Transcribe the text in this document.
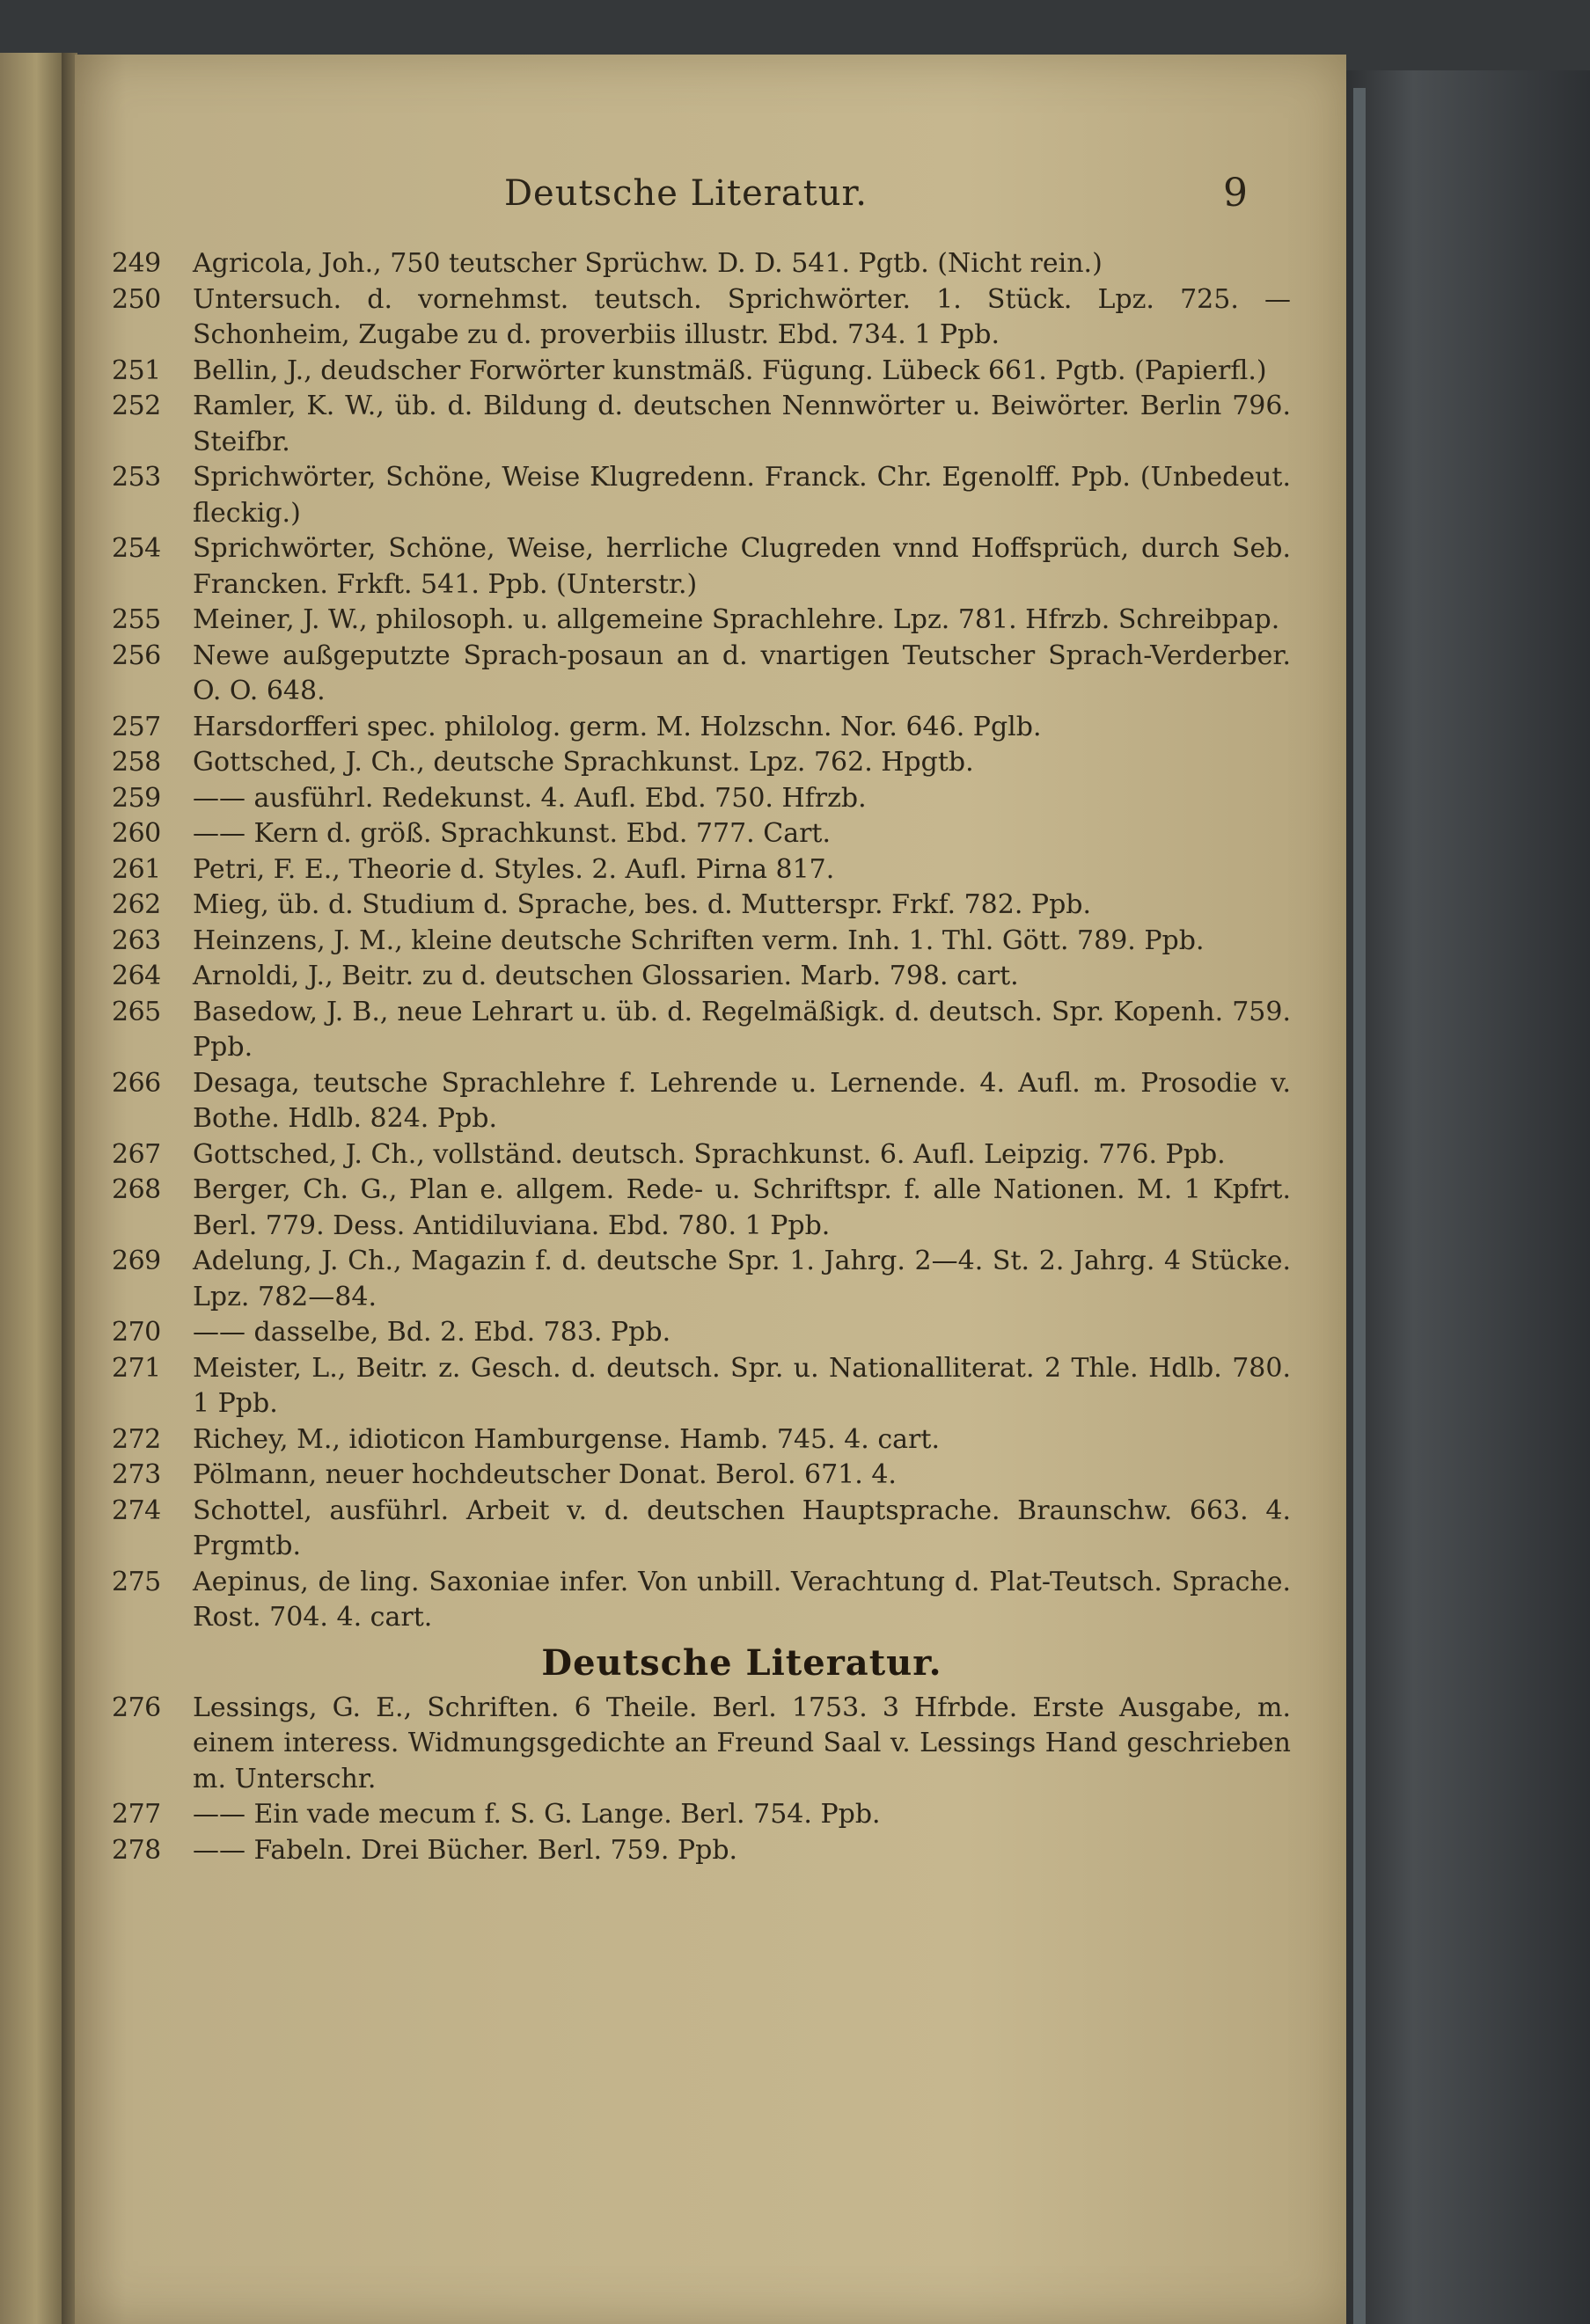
Deutsche Literatur.	9
249	Agricola, Joh., 750 teutscher Sprüchw. D. D. 541. Pgtb. (Nicht rein.)
250	Untersuch. d. vornehmst. teutsch. Sprichwörter. 1. Stück. Lpz. 725. — Schonheim, Zugabe zu d. proverbiis illustr. Ebd. 734. 1 Ppb.
251	Bellin, J., deudscher Forwörter kunstmäß. Fügung. Lübeck 661. Pgtb. (Papierfl.)
252	Ramler, K. W., üb. d. Bildung d. deutschen Nennwörter u. Beiwörter. Berlin 796. Steifbr.
253	Sprichwörter, Schöne, Weise Klugredenn. Franck. Chr. Egenolff. Ppb. (Unbedeut. fleckig.)
254	Sprichwörter, Schöne, Weise, herrliche Clugreden vnnd Hoffsprüch, durch Seb. Francken. Frkft. 541. Ppb. (Unterstr.)
255	Meiner, J. W., philosoph. u. allgemeine Sprachlehre. Lpz. 781. Hfrzb. Schreibpap.
256	Newe außgeputzte Sprach-posaun an d. vnartigen Teutscher Sprach-Verderber. O. O. 648.
257	Harsdorfferi spec. philolog. germ. M. Holzschn. Nor. 646. Pglb.
258	Gottsched, J. Ch., deutsche Sprachkunst. Lpz. 762. Hpgtb.
259	—— ausführl. Redekunst. 4. Aufl. Ebd. 750. Hfrzb.
260	—— Kern d. größ. Sprachkunst. Ebd. 777. Cart.
261	Petri, F. E., Theorie d. Styles. 2. Aufl. Pirna 817.
262	Mieg, üb. d. Studium d. Sprache, bes. d. Mutterspr. Frkf. 782. Ppb.
263	Heinzens, J. M., kleine deutsche Schriften verm. Inh. 1. Thl. Gött. 789. Ppb.
264	Arnoldi, J., Beitr. zu d. deutschen Glossarien. Marb. 798. cart.
265	Basedow, J. B., neue Lehrart u. üb. d. Regelmäßigk. d. deutsch. Spr. Kopenh. 759. Ppb.
266	Desaga, teutsche Sprachlehre f. Lehrende u. Lernende. 4. Aufl. m. Prosodie v. Bothe. Hdlb. 824. Ppb.
267	Gottsched, J. Ch., vollständ. deutsch. Sprachkunst. 6. Aufl. Leipzig. 776. Ppb.
268	Berger, Ch. G., Plan e. allgem. Rede- u. Schriftspr. f. alle Nationen. M. 1 Kpfrt. Berl. 779. Dess. Antidiluviana. Ebd. 780. 1 Ppb.
269	Adelung, J. Ch., Magazin f. d. deutsche Spr. 1. Jahrg. 2—4. St. 2. Jahrg. 4 Stücke. Lpz. 782—84.
270	—— dasselbe, Bd. 2. Ebd. 783. Ppb.
271	Meister, L., Beitr. z. Gesch. d. deutsch. Spr. u. Nationalliterat. 2 Thle. Hdlb. 780. 1 Ppb.
272	Richey, M., idioticon Hamburgense. Hamb. 745. 4. cart.
273	Pölmann, neuer hochdeutscher Donat. Berol. 671. 4.
274	Schottel, ausführl. Arbeit v. d. deutschen Hauptsprache. Braunschw. 663. 4. Prgmtb.
275	Aepinus, de ling. Saxoniae infer. Von unbill. Verachtung d. Plat-Teutsch. Sprache. Rost. 704. 4. cart.
Deutsche Literatur.
276	Lessings, G. E., Schriften. 6 Theile. Berl. 1753. 3 Hfrbde. Erste Ausgabe, m. einem interess. Widmungsgedichte an Freund Saal v. Lessings Hand geschrieben m. Unterschr.
277	—— Ein vade mecum f. S. G. Lange. Berl. 754. Ppb.
278	—— Fabeln. Drei Bücher. Berl. 759. Ppb.
